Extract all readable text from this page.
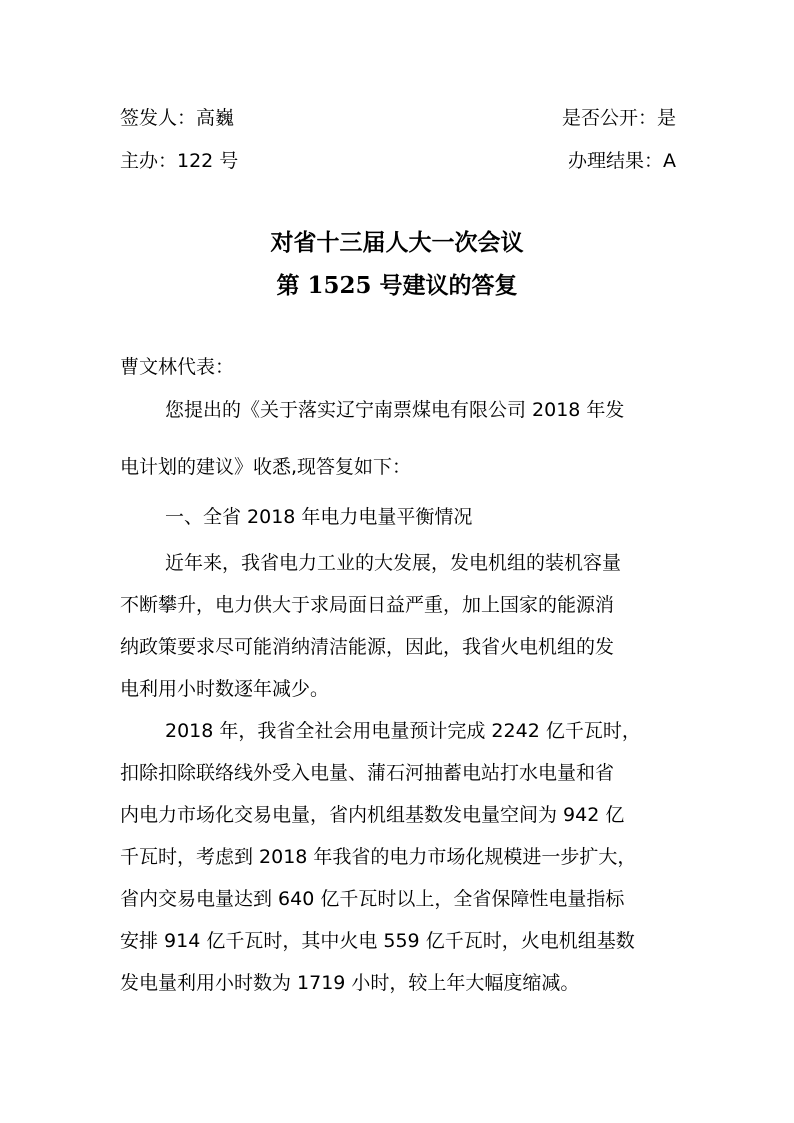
签发人：高巍	是否公开：是
主办：122 号	办理结果：A
对省十三届人大一次会议
第 1525 号建议的答复
曹文林代表：
您提出的《关于落实辽宁南票煤电有限公司 2018 年发
电计划的建议》收悉,现答复如下：
一、全省 2018 年电力电量平衡情况
近年来，我省电力工业的大发展，发电机组的装机容量
不断攀升，电力供大于求局面日益严重，加上国家的能源消
纳政策要求尽可能消纳清洁能源，因此，我省火电机组的发
电利用小时数逐年减少。
2018 年，我省全社会用电量预计完成 2242 亿千瓦时，
扣除扣除联络线外受入电量、蒲石河抽蓄电站打水电量和省
内电力市场化交易电量，省内机组基数发电量空间为 942 亿
千瓦时，考虑到 2018 年我省的电力市场化规模进一步扩大，
省内交易电量达到 640 亿千瓦时以上，全省保障性电量指标
安排 914 亿千瓦时，其中火电 559 亿千瓦时，火电机组基数
发电量利用小时数为 1719 小时，较上年大幅度缩减。
